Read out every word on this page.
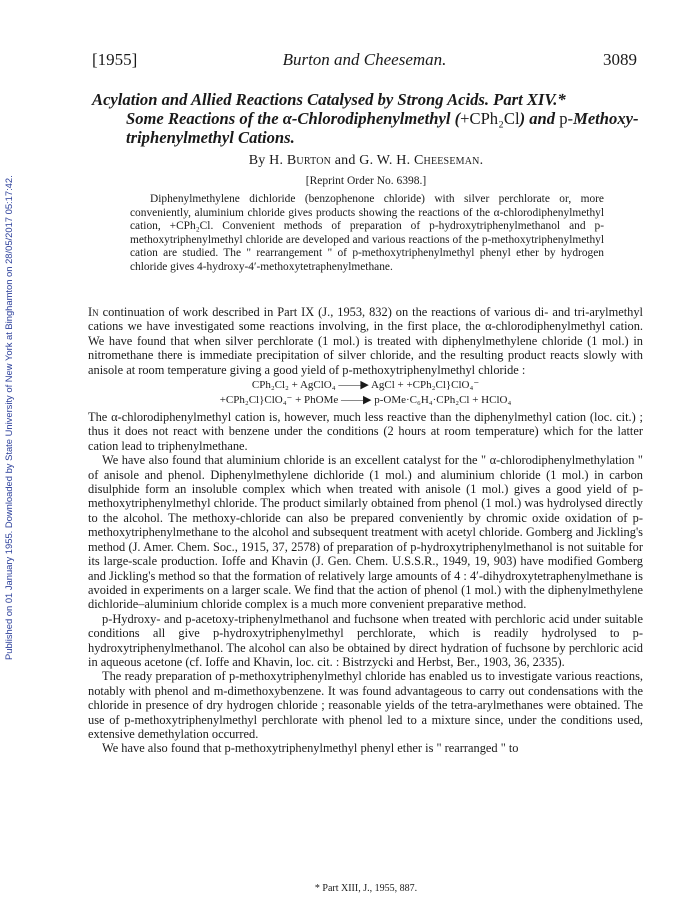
Published on 01 January 1955. Downloaded by State University of New York at Binghamton on 28/05/2017 05:17:42.
[1955]	Burton and Cheeseman.	3089
Acylation and Allied Reactions Catalysed by Strong Acids. Part XIV.*
Some Reactions of the α-Chlorodiphenylmethyl (+CPh₂Cl) and p-Methoxy-
triphenylmethyl Cations.
By H. Burton and G. W. H. Cheeseman.
[Reprint Order No. 6398.]
Diphenylmethylene dichloride (benzophenone chloride) with silver perchlorate or, more conveniently, aluminium chloride gives products showing the reactions of the α-chlorodiphenylmethyl cation, +CPh₂Cl. Convenient methods of preparation of p-hydroxytriphenylmethanol and p-methoxytriphenylmethyl chloride are developed and various reactions of the p-methoxytriphenylmethyl cation are studied. The " rearrangement " of p-methoxytriphenylmethyl phenyl ether by hydrogen chloride gives 4-hydroxy-4′-methoxytetraphenylmethane.

In continuation of work described in Part IX (J., 1953, 832) on the reactions of various di- and tri-arylmethyl cations we have investigated some reactions involving, in the first place, the α-chlorodiphenylmethyl cation. We have found that when silver perchlorate (1 mol.) is treated with diphenylmethylene chloride (1 mol.) in nitromethane there is immediate precipitation of silver chloride, and the resulting product reacts slowly with anisole at room temperature giving a good yield of p-methoxytriphenylmethyl chloride :

CPh₂Cl₂ + AgClO₄ ——▶ AgCl + +CPh₂Cl}ClO₄⁻
+CPh₂Cl}ClO₄⁻ + PhOMe ——▶ p-OMe·C₆H₄·CPh₂Cl + HClO₄

The α-chlorodiphenylmethyl cation is, however, much less reactive than the diphenylmethyl cation (loc. cit.) ; thus it does not react with benzene under the conditions (2 hours at room temperature) which for the latter cation lead to triphenylmethane.

We have also found that aluminium chloride is an excellent catalyst for the " α-chlorodiphenylmethylation " of anisole and phenol. Diphenylmethylene dichloride (1 mol.) and aluminium chloride (1 mol.) in carbon disulphide form an insoluble complex which when treated with anisole (1 mol.) gives a good yield of p-methoxytriphenylmethyl chloride. The product similarly obtained from phenol (1 mol.) was hydrolysed directly to the alcohol. The methoxy-chloride can also be prepared conveniently by chromic oxide oxidation of p-methoxytriphenylmethane to the alcohol and subsequent treatment with acetyl chloride. Gomberg and Jickling's method (J. Amer. Chem. Soc., 1915, 37, 2578) of preparation of p-hydroxytriphenylmethanol is not suitable for its large-scale production. Ioffe and Khavin (J. Gen. Chem. U.S.S.R., 1949, 19, 903) have modified Gomberg and Jickling's method so that the formation of relatively large amounts of 4 : 4′-dihydroxytetraphenylmethane is avoided in experiments on a larger scale. We find that the action of phenol (1 mol.) with the diphenylmethylene dichloride–aluminium chloride complex is a much more convenient preparative method.

p-Hydroxy- and p-acetoxy-triphenylmethanol and fuchsone when treated with perchloric acid under suitable conditions all give p-hydroxytriphenylmethyl perchlorate, which is readily hydrolysed to p-hydroxytriphenylmethanol. The alcohol can also be obtained by direct hydration of fuchsone by perchloric acid in aqueous acetone (cf. Ioffe and Khavin, loc. cit. : Bistrzycki and Herbst, Ber., 1903, 36, 2335).

The ready preparation of p-methoxytriphenylmethyl chloride has enabled us to investigate various reactions, notably with phenol and m-dimethoxybenzene. It was found advantageous to carry out condensations with the chloride in presence of dry hydrogen chloride ; reasonable yields of the tetra-arylmethanes were obtained. The use of p-methoxytriphenylmethyl perchlorate with phenol led to a mixture since, under the conditions used, extensive demethylation occurred.

We have also found that p-methoxytriphenylmethyl phenyl ether is " rearranged " to

* Part XIII, J., 1955, 887.
